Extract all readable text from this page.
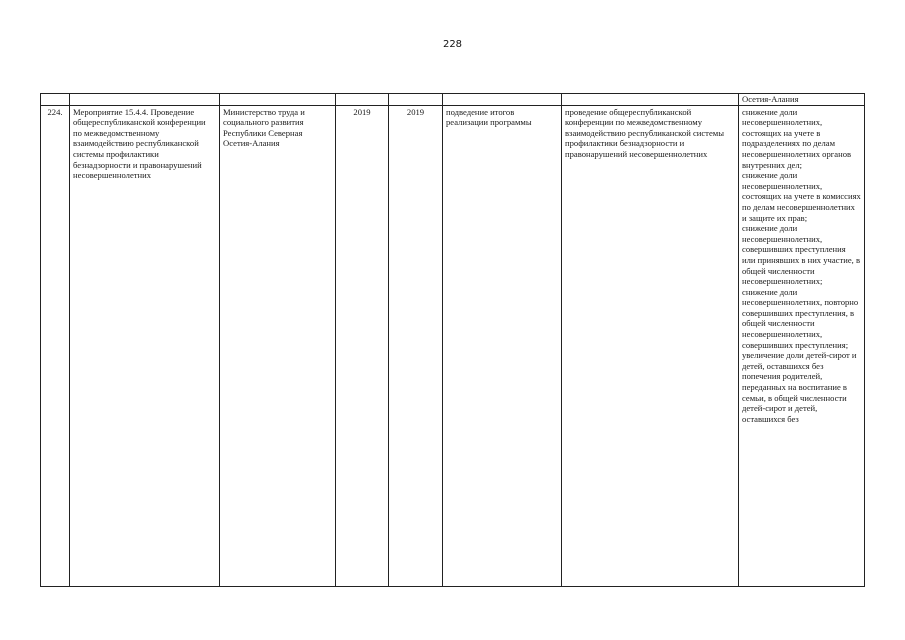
228
							Осетия-Алания
224.	Мероприятие 15.4.4. Проведение общереспубликанской конференции по межведомственному взаимодействию республиканской системы профилактики безнадзорности и правонарушений несовершеннолетних	Министерство труда и социального развития Республики Северная Осетия-Алания	2019	2019	подведение итогов реализации программы	проведение общереспубликанской конференции по межведомственному взаимодействию республиканской системы профилактики безнадзорности и правонарушений несовершеннолетних	снижение доли несовершеннолетних, состоящих на учете в подразделениях по делам несовершеннолетних органов внутренних дел;
снижение доли несовершеннолетних, состоящих на учете в комиссиях по делам несовершеннолетних и защите их прав;
снижение доли несовершеннолетних, совершивших преступления или принявших в них участие, в общей численности несовершеннолетних;
снижение доли несовершеннолетних, повторно совершивших преступления, в общей численности несовершеннолетних, совершивших преступления;
увеличение доли детей-сирот и детей, оставшихся без попечения родителей, переданных на воспитание в семьи, в общей численности детей-сирот и детей, оставшихся без
